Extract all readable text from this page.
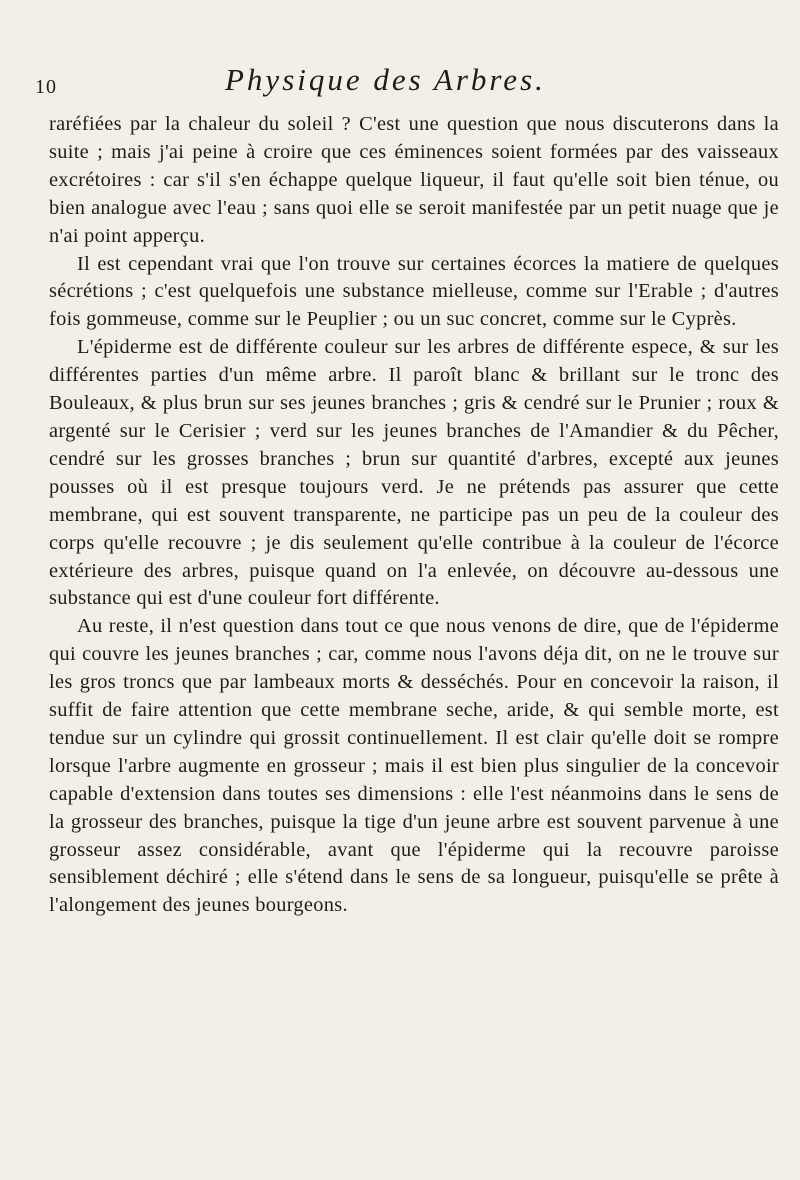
10	Physique des Arbres.

raréfiées par la chaleur du soleil ? C'est une question que nous discuterons dans la suite ; mais j'ai peine à croire que ces éminences soient formées par des vaisseaux excrétoires : car s'il s'en échappe quelque liqueur, il faut qu'elle soit bien ténue, ou bien analogue avec l'eau ; sans quoi elle se seroit manifestée par un petit nuage que je n'ai point apperçu.

Il est cependant vrai que l'on trouve sur certaines écorces la matiere de quelques sécrétions ; c'est quelquefois une substance mielleuse, comme sur l'Erable ; d'autres fois gommeuse, comme sur le Peuplier ; ou un suc concret, comme sur le Cyprès.

L'épiderme est de différente couleur sur les arbres de différente espece, & sur les différentes parties d'un même arbre. Il paroît blanc & brillant sur le tronc des Bouleaux, & plus brun sur ses jeunes branches ; gris & cendré sur le Prunier ; roux & argenté sur le Cerisier ; verd sur les jeunes branches de l'Amandier & du Pêcher, cendré sur les grosses branches ; brun sur quantité d'arbres, excepté aux jeunes pousses où il est presque toujours verd. Je ne prétends pas assurer que cette membrane, qui est souvent transparente, ne participe pas un peu de la couleur des corps qu'elle recouvre ; je dis seulement qu'elle contribue à la couleur de l'écorce extérieure des arbres, puisque quand on l'a enlevée, on découvre au-dessous une substance qui est d'une couleur fort différente.

Au reste, il n'est question dans tout ce que nous venons de dire, que de l'épiderme qui couvre les jeunes branches ; car, comme nous l'avons déja dit, on ne le trouve sur les gros troncs que par lambeaux morts & desséchés. Pour en concevoir la raison, il suffit de faire attention que cette membrane seche, aride, & qui semble morte, est tendue sur un cylindre qui grossit continuellement. Il est clair qu'elle doit se rompre lorsque l'arbre augmente en grosseur ; mais il est bien plus singulier de la concevoir capable d'extension dans toutes ses dimensions : elle l'est néanmoins dans le sens de la grosseur des branches, puisque la tige d'un jeune arbre est souvent parvenue à une grosseur assez considérable, avant que l'épiderme qui la recouvre paroisse sensiblement déchiré ; elle s'étend dans le sens de sa longueur, puisqu'elle se prête à l'alongement des jeunes bourgeons.
